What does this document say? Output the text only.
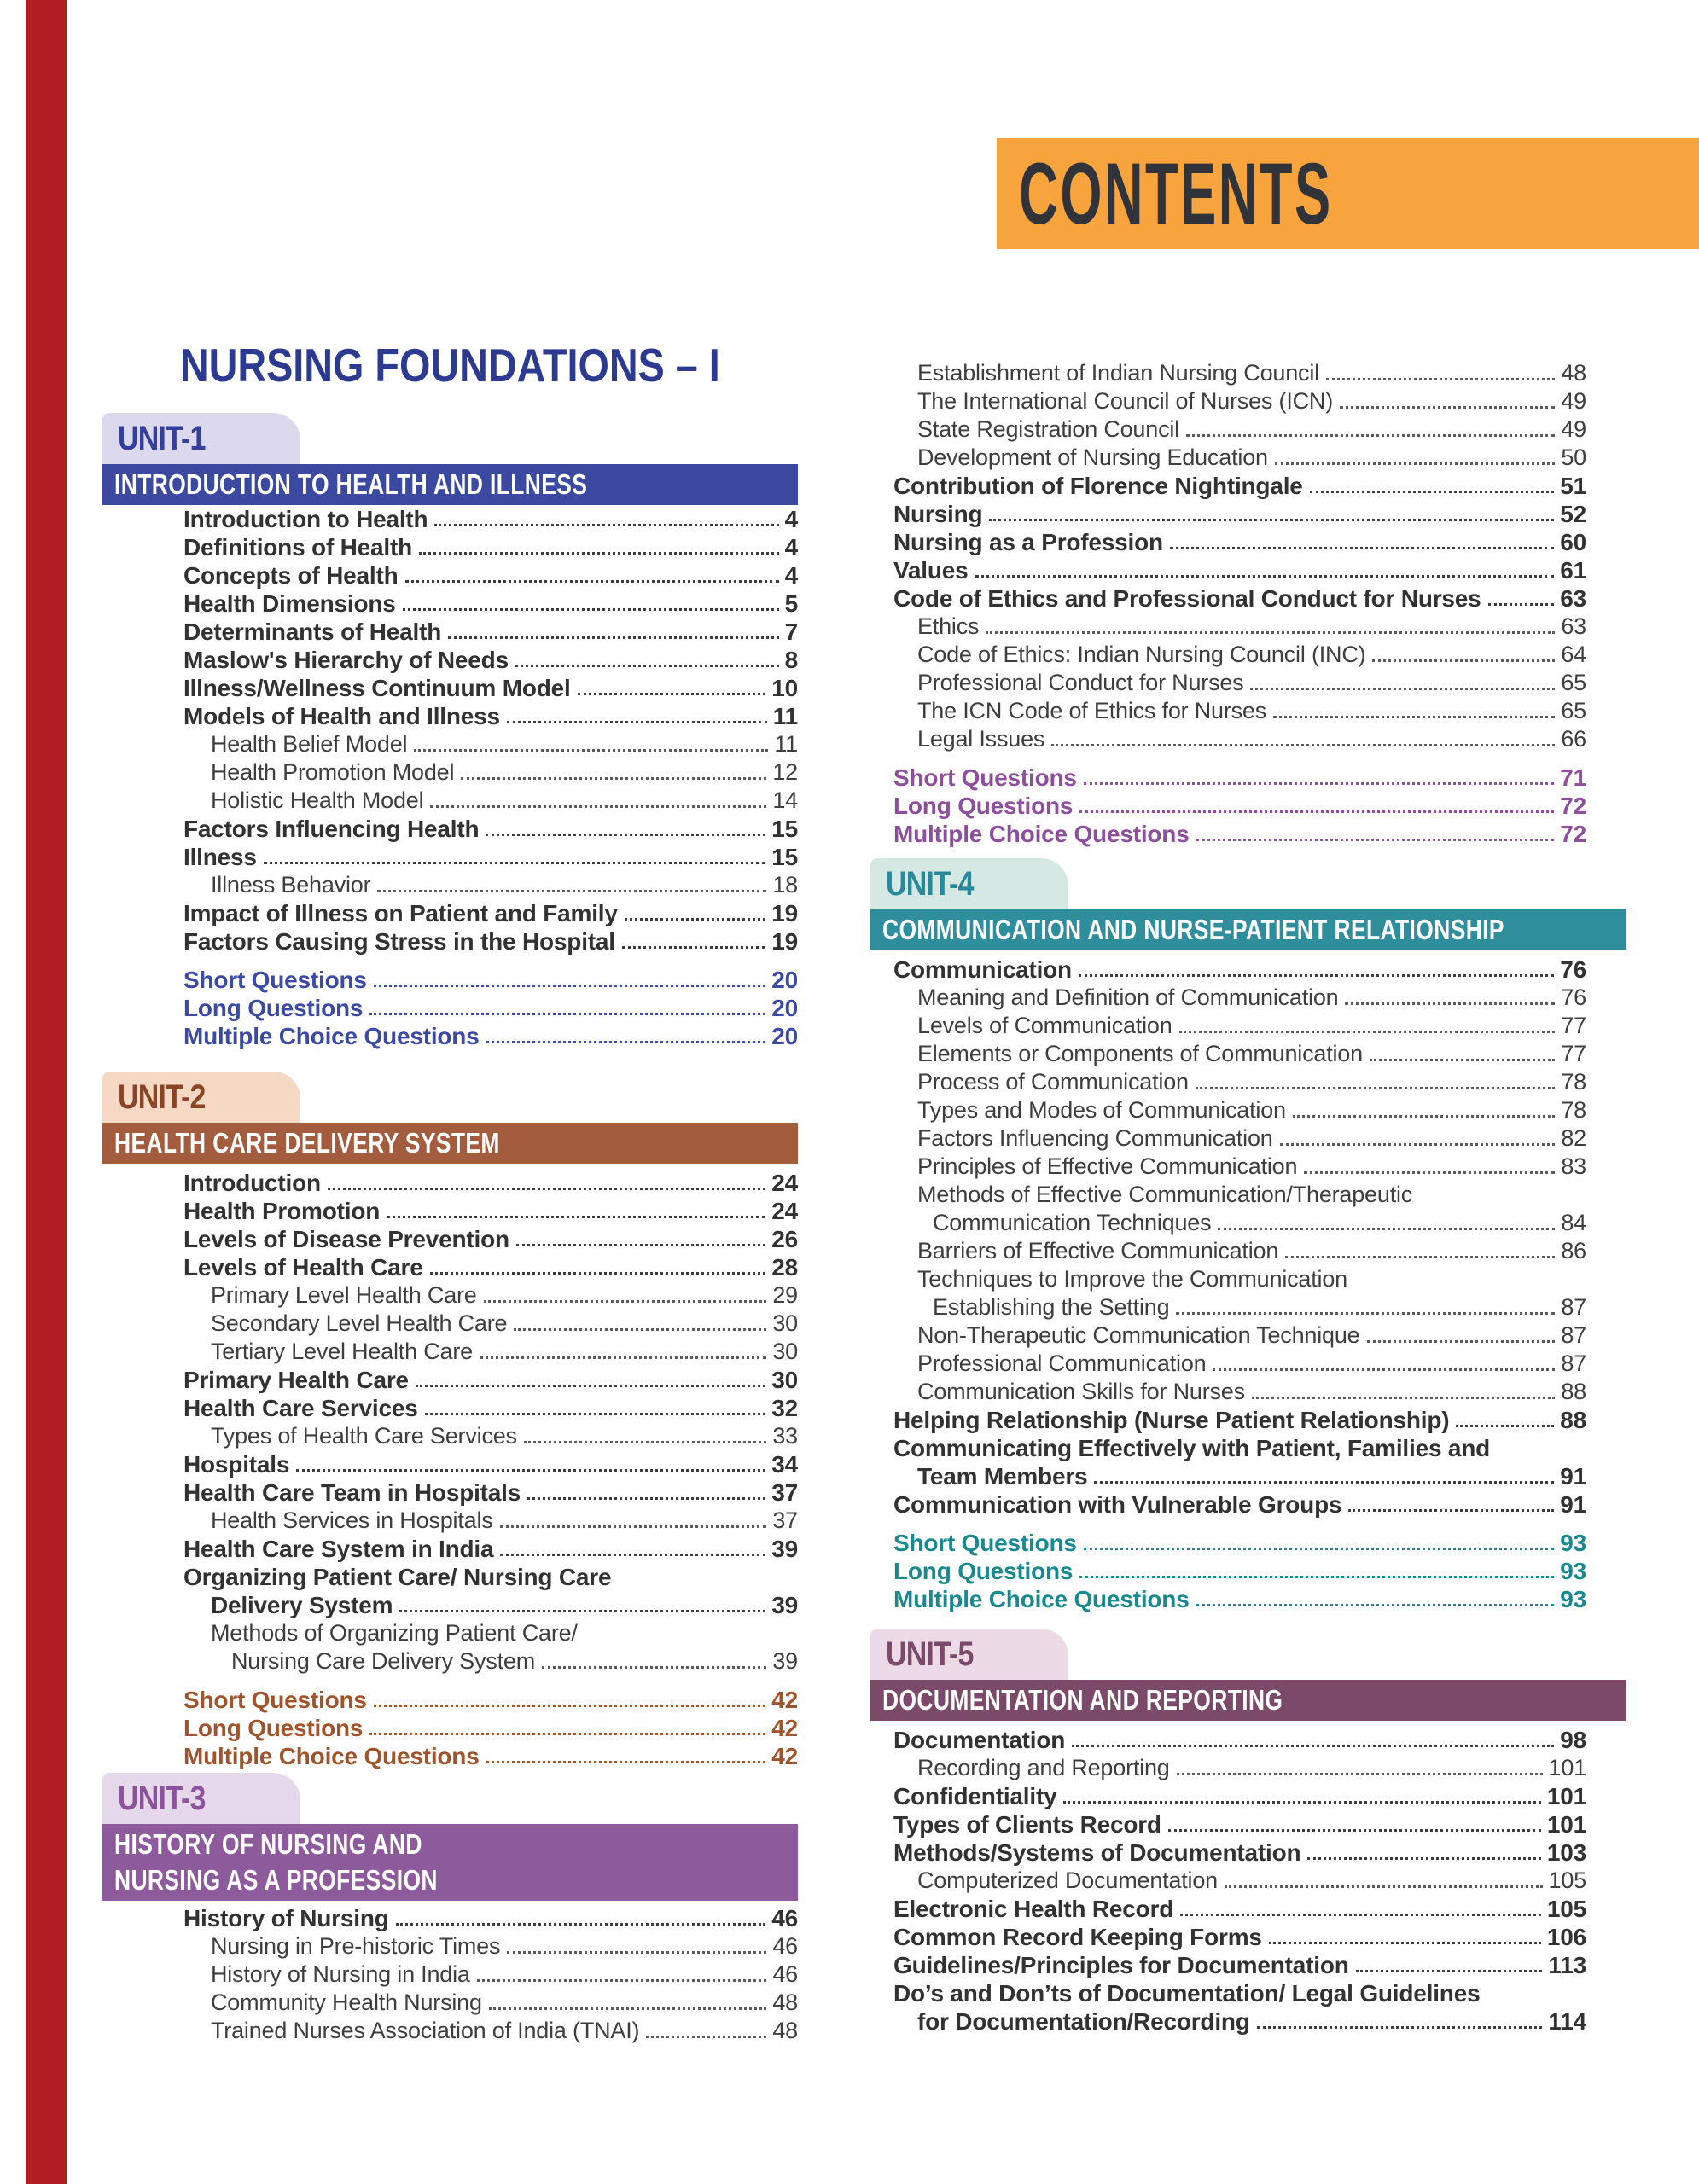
CONTENTS
NURSING FOUNDATIONS – I
UNIT-1
INTRODUCTION TO HEALTH AND ILLNESS
Introduction to Health	4
Definitions of Health	4
Concepts of Health	4
Health Dimensions	5
Determinants of Health	7
Maslow's Hierarchy of Needs	8
Illness/Wellness Continuum Model	10
Models of Health and Illness	11
Health Belief Model	11
Health Promotion Model	12
Holistic Health Model	14
Factors Influencing Health	15
Illness	15
Illness Behavior	18
Impact of Illness on Patient and Family	19
Factors Causing Stress in the Hospital	19
Short Questions	20
Long Questions	20
Multiple Choice Questions	20
UNIT-2
HEALTH CARE DELIVERY SYSTEM
Introduction	24
Health Promotion	24
Levels of Disease Prevention	26
Levels of Health Care	28
Primary Level Health Care	29
Secondary Level Health Care	30
Tertiary Level Health Care	30
Primary Health Care	30
Health Care Services	32
Types of Health Care Services	33
Hospitals	34
Health Care Team in Hospitals	37
Health Services in Hospitals	37
Health Care System in India	39
Organizing Patient Care/ Nursing Care
Delivery System	39
Methods of Organizing Patient Care/
Nursing Care Delivery System	39
Short Questions	42
Long Questions	42
Multiple Choice Questions	42
UNIT-3
HISTORY OF NURSING AND
NURSING AS A PROFESSION
History of Nursing	46
Nursing in Pre-historic Times	46
History of Nursing in India	46
Community Health Nursing	48
Trained Nurses Association of India (TNAI)	48
Establishment of Indian Nursing Council	48
The International Council of Nurses (ICN)	49
State Registration Council	49
Development of Nursing Education	50
Contribution of Florence Nightingale	51
Nursing	52
Nursing as a Profession	60
Values	61
Code of Ethics and Professional Conduct for Nurses	63
Ethics	63
Code of Ethics: Indian Nursing Council (INC)	64
Professional Conduct for Nurses	65
The ICN Code of Ethics for Nurses	65
Legal Issues	66
Short Questions	71
Long Questions	72
Multiple Choice Questions	72
UNIT-4
COMMUNICATION AND NURSE-PATIENT RELATIONSHIP
Communication	76
Meaning and Definition of Communication	76
Levels of Communication	77
Elements or Components of Communication	77
Process of Communication	78
Types and Modes of Communication	78
Factors Influencing Communication	82
Principles of Effective Communication	83
Methods of Effective Communication/Therapeutic
Communication Techniques	84
Barriers of Effective Communication	86
Techniques to Improve the Communication
Establishing the Setting	87
Non-Therapeutic Communication Technique	87
Professional Communication	87
Communication Skills for Nurses	88
Helping Relationship (Nurse Patient Relationship)	88
Communicating Effectively with Patient, Families and
Team Members	91
Communication with Vulnerable Groups	91
Short Questions	93
Long Questions	93
Multiple Choice Questions	93
UNIT-5
DOCUMENTATION AND REPORTING
Documentation	98
Recording and Reporting	101
Confidentiality	101
Types of Clients Record	101
Methods/Systems of Documentation	103
Computerized Documentation	105
Electronic Health Record	105
Common Record Keeping Forms	106
Guidelines/Principles for Documentation	113
Do’s and Don’ts of Documentation/ Legal Guidelines
for Documentation/Recording	114
